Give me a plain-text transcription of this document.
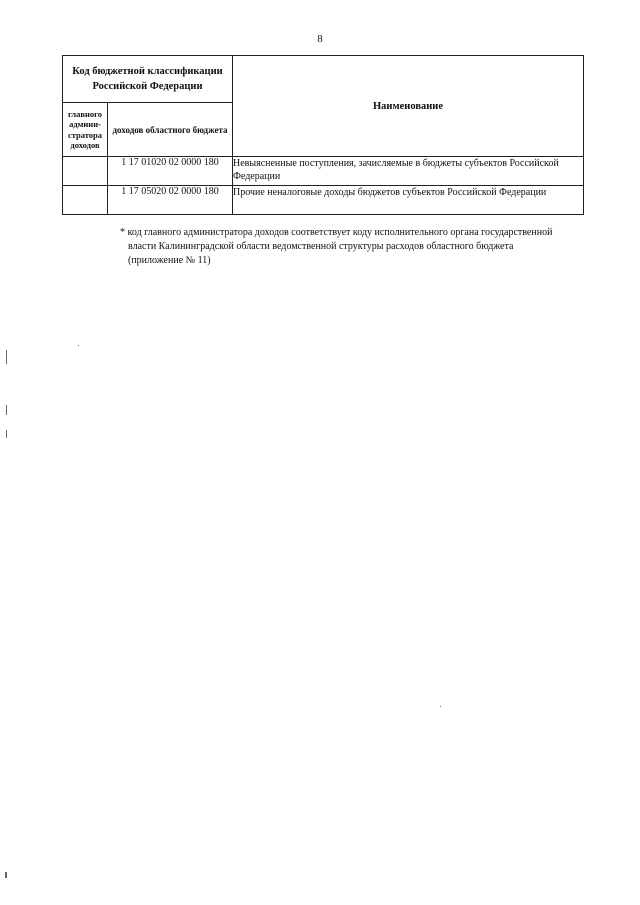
8
Код бюджетной классификации Российской Федерации		Наименование
главного админи- стратора доходов	доходов областного бюджета	
	1 17 01020 02 0000 180	Невыясненные поступления, зачисляемые в бюджеты субъектов Российской Федерации
	1 17 05020 02 0000 180	Прочие неналоговые доходы бюджетов субъектов Российской Федерации
* код главного администратора доходов соответствует коду исполнительного органа государственной власти Калининградской области ведомственной структуры расходов областного бюджета (приложение № 11)
